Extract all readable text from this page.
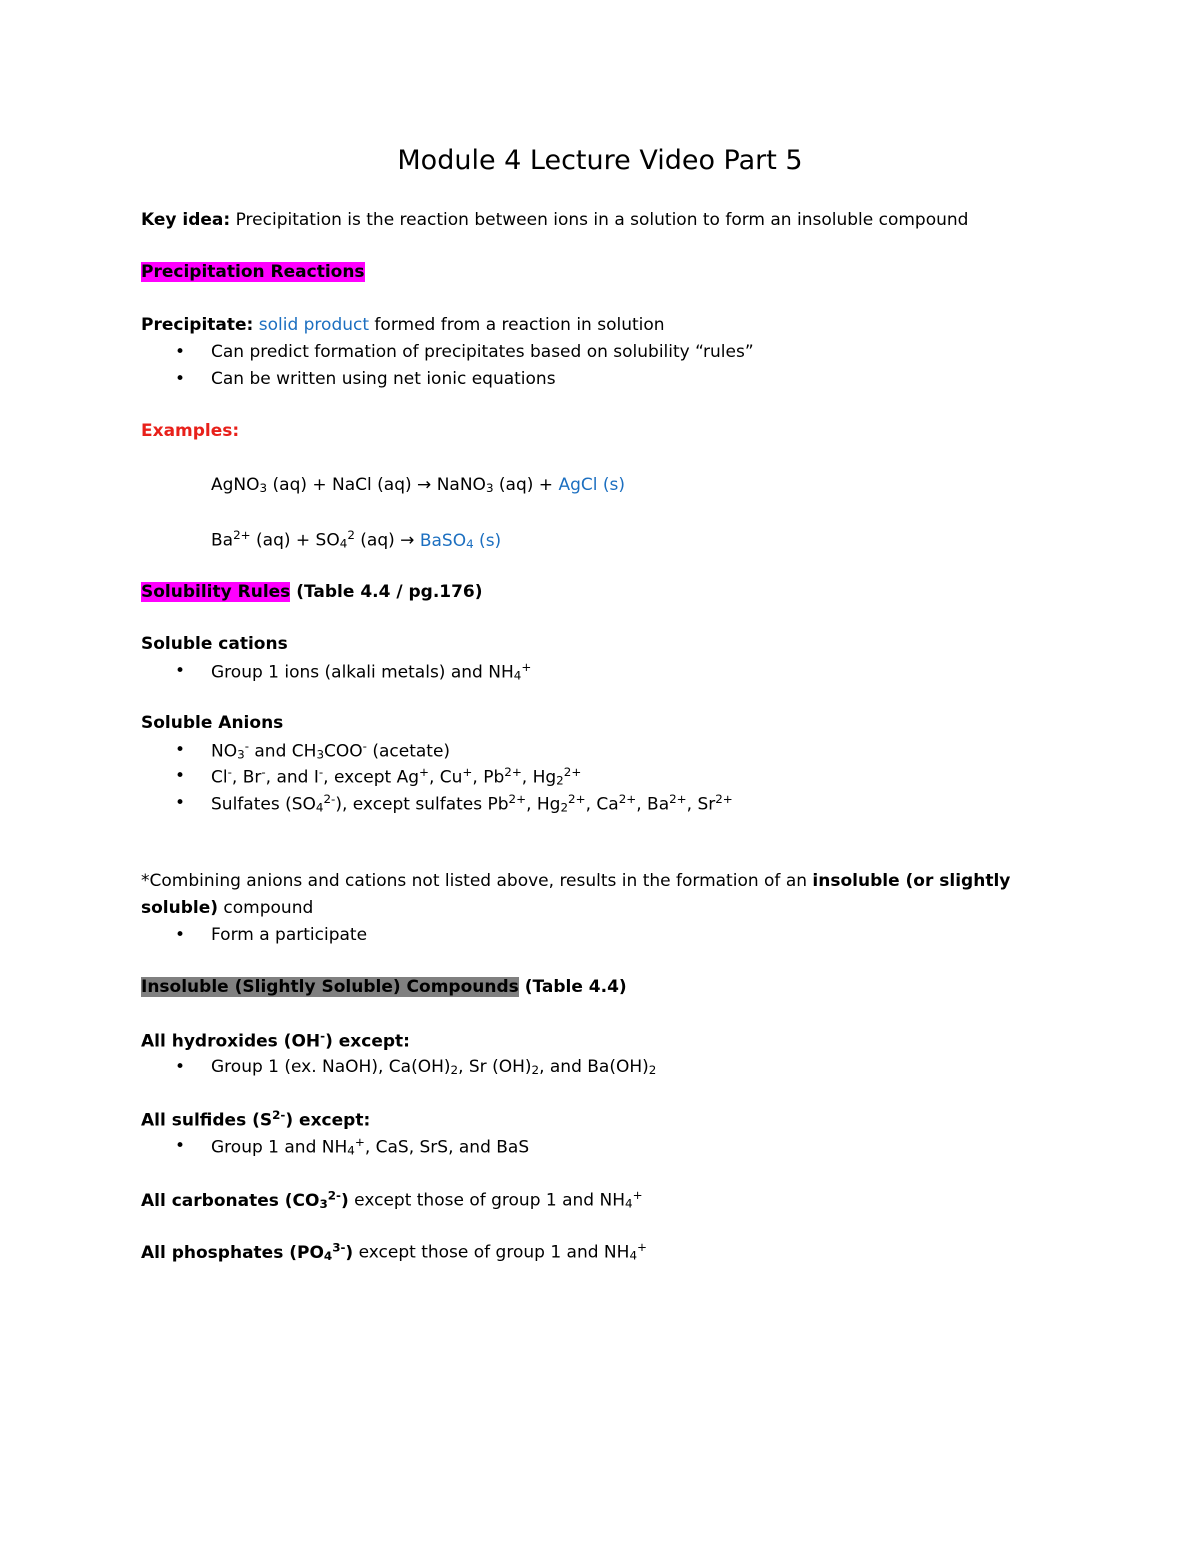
Module 4 Lecture Video Part 5
Key idea: Precipitation is the reaction between ions in a solution to form an insoluble compound
Precipitation Reactions
Precipitate: solid product formed from a reaction in solution
• Can predict formation of precipitates based on solubility “rules”
• Can be written using net ionic equations
Examples:
AgNO$_3$ (aq) + NaCl (aq) → NaNO$_3$ (aq) + AgCl (s)
$Ba^{2+}$ $(aq) + SO_4^2$ (aq) → BaSO$_4$ (s)
Solubility Rules (Table 4.4 / pg.176)
Soluble cations
• Group 1 ions (alkali metals) and $NH_4^+$
Soluble Anions
• $NO_3^-$ and $CH_3COO^-$ (acetate)
• Cl-, Br-, and I-, except Ag+, Cu+, $Pb^{2+}$, $Hg_2^{2+}$
• Sulfates $(SO_4^{2-})$, except sulfates $Pb^{2+}$, $Hg_2^{2+}$, $Ca^{2+}$, $Ba^{2+}$, $Sr^{2+}$
*Combining anions and cations not listed above, results in the formation of an insoluble (or slightly
soluble) compound
• Form a participate
Insoluble (Slightly Soluble) Compounds (Table 4.4)
All hydroxides (OH-) except:
• Group 1 (ex. NaOH), $Ca(OH)_2$, Sr $(OH)_2$, and $Ba(OH)_2$
All sulfides $(S^{2-})$ except:
• Group 1 and $NH_4^+$, CaS, SrS, and BaS
All carbonates $(CO_3^{2-})$ except those of group 1 and $NH_4^+$
All phosphates $(PO_4^{3-})$ except those of group 1 and $NH_4^+$
